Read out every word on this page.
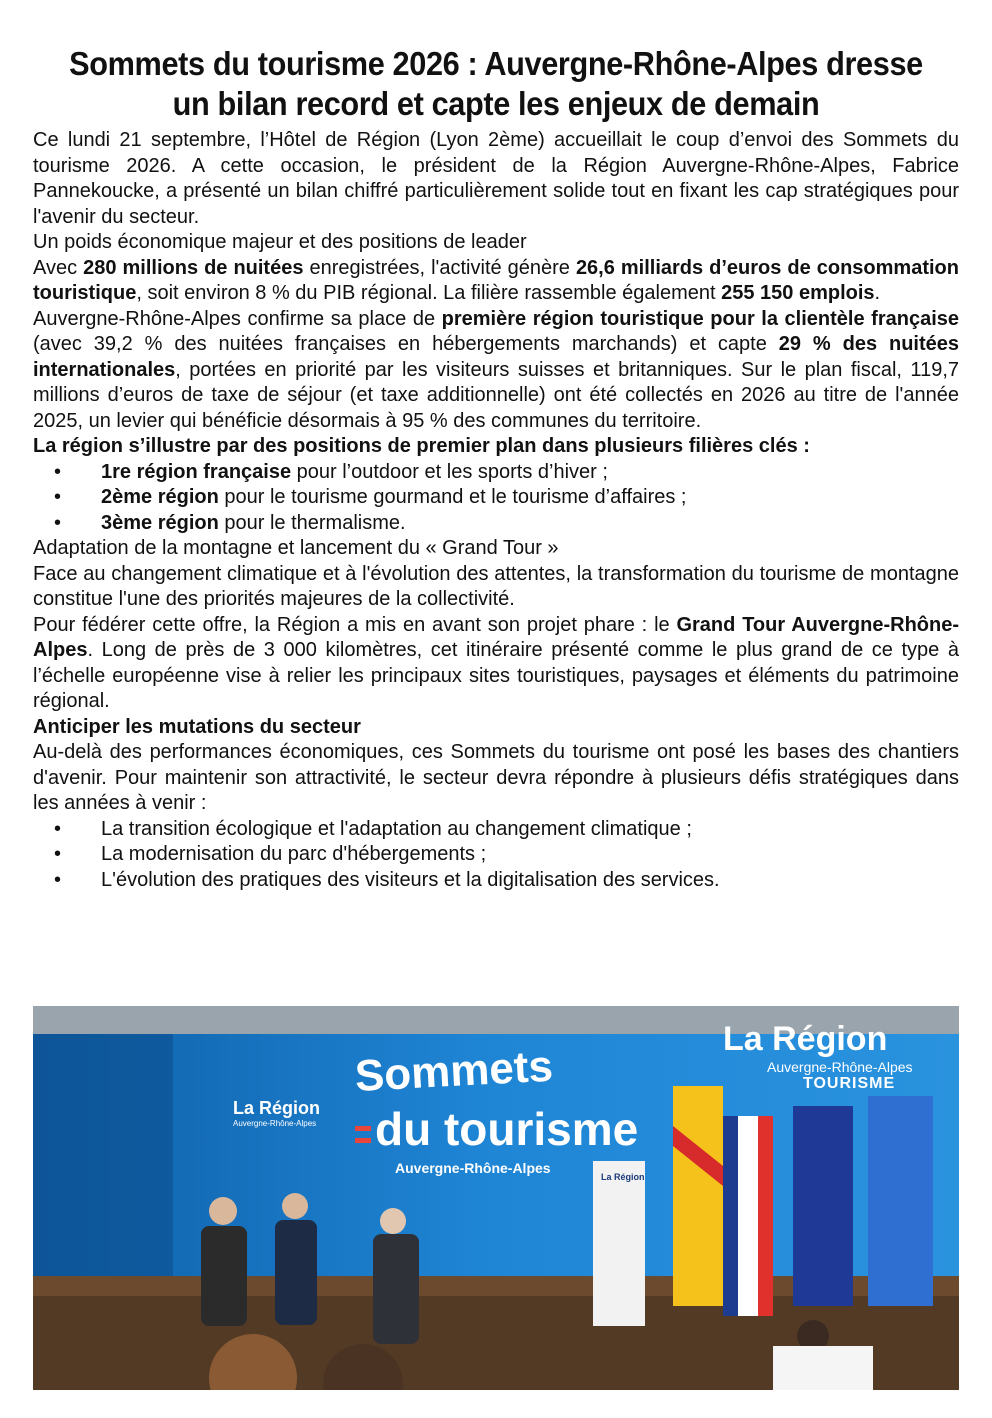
Sommets du tourisme 2026 : Auvergne-Rhône-Alpes dresse
un bilan record et capte les enjeux de demain

Ce lundi 21 septembre, l’Hôtel de Région (Lyon 2ème) accueillait le coup d’envoi des Sommets du tourisme 2026. A cette occasion, le président de la Région Auvergne-Rhône-Alpes, Fabrice Pannekoucke, a présenté un bilan chiffré particulièrement solide tout en fixant les cap stratégiques pour l'avenir du secteur.

Un poids économique majeur et des positions de leader

Avec 280 millions de nuitées enregistrées, l'activité génère 26,6 milliards d’euros de consommation touristique, soit environ 8 % du PIB régional. La filière rassemble également 255 150 emplois.

Auvergne-Rhône-Alpes confirme sa place de première région touristique pour la clientèle française (avec 39,2 % des nuitées françaises en hébergements marchands) et capte 29 % des nuitées internationales, portées en priorité par les visiteurs suisses et britanniques. Sur le plan fiscal, 119,7 millions d’euros de taxe de séjour (et taxe additionnelle) ont été collectés en 2026 au titre de l'année 2025, un levier qui bénéficie désormais à 95 % des communes du territoire.

La région s’illustre par des positions de premier plan dans plusieurs filières clés :

• 1re région française pour l’outdoor et les sports d’hiver ;
• 2ème région pour le tourisme gourmand et le tourisme d’affaires ;
• 3ème région pour le thermalisme.

Adaptation de la montagne et lancement du « Grand Tour »

Face au changement climatique et à l'évolution des attentes, la transformation du tourisme de montagne constitue l'une des priorités majeures de la collectivité.

Pour fédérer cette offre, la Région a mis en avant son projet phare : le Grand Tour Auvergne-Rhône-Alpes. Long de près de 3 000 kilomètres, cet itinéraire présenté comme le plus grand de ce type à l’échelle européenne vise à relier les principaux sites touristiques, paysages et éléments du patrimoine régional.

Anticiper les mutations du secteur

Au-delà des performances économiques, ces Sommets du tourisme ont posé les bases des chantiers d'avenir. Pour maintenir son attractivité, le secteur devra répondre à plusieurs défis stratégiques dans les années à venir :

• La transition écologique et l'adaptation au changement climatique ;
• La modernisation du parc d'hébergements ;
• L'évolution des pratiques des visiteurs et la digitalisation des services.
La Région
Auvergne-Rhône-Alpes
Sommets
du tourisme
Auvergne-Rhône-Alpes
La Région
Auvergne-Rhône-Alpes
TOURISME
La Région
